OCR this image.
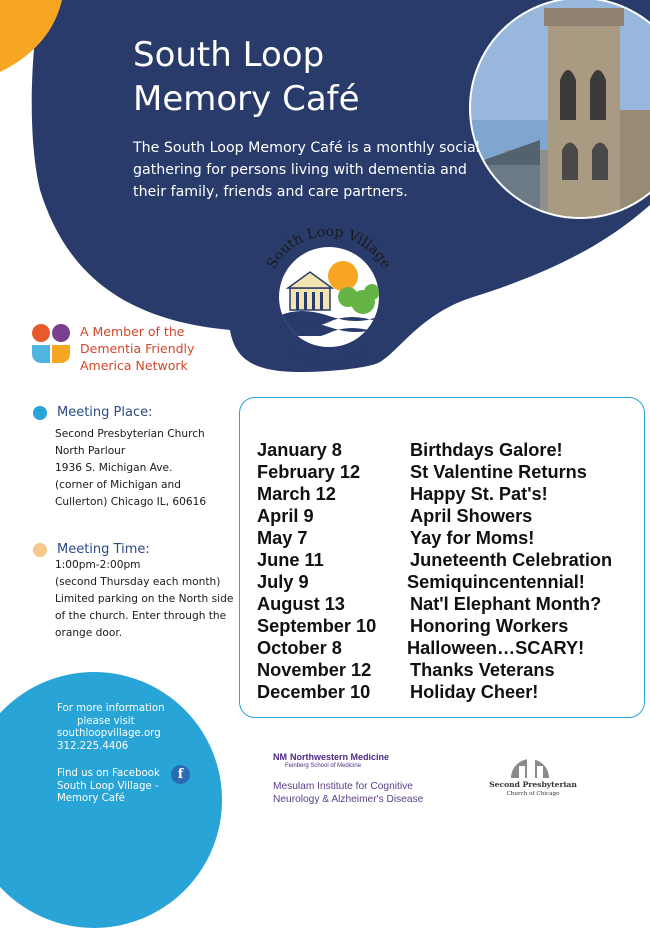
South Loop Village
Aging Reimagined
South Loop
Memory Café
The South Loop Memory Café is a monthly social gathering for persons living with dementia and their family, friends and care partners.
A Member of the
Dementia Friendly
America Network
Meeting Place:
Second Presbyterian Church
North Parlour
1936 S. Michigan Ave.
(corner of Michigan and
Cullerton) Chicago IL, 60616
Meeting Time:
1:00pm-2:00pm
(second Thursday each month)
Limited parking on the North side
of the church. Enter through the
orange door.
January 8	Birthdays Galore!
February 12	St Valentine Returns
March 12	Happy St. Pat's!
April 9	April Showers
May 7	Yay for Moms!
June 11	Juneteenth Celebration
July 9	Semiquincentennial!
August 13	Nat'l Elephant Month?
September 10 Honoring Workers
October 8	Halloween…SCARY!
November 12 Thanks Veterans
December 10 Holiday Cheer!
For more information
please visit
southloopvillage.org
312.225.4406
Find us on Facebook
South Loop Village -
Memory Café
f
NM Northwestern Medicine
Feinberg School of Medicine
Mesulam Institute for Cognitive
Neurology & Alzheimer's Disease
Second Presbyterian
Church of Chicago
